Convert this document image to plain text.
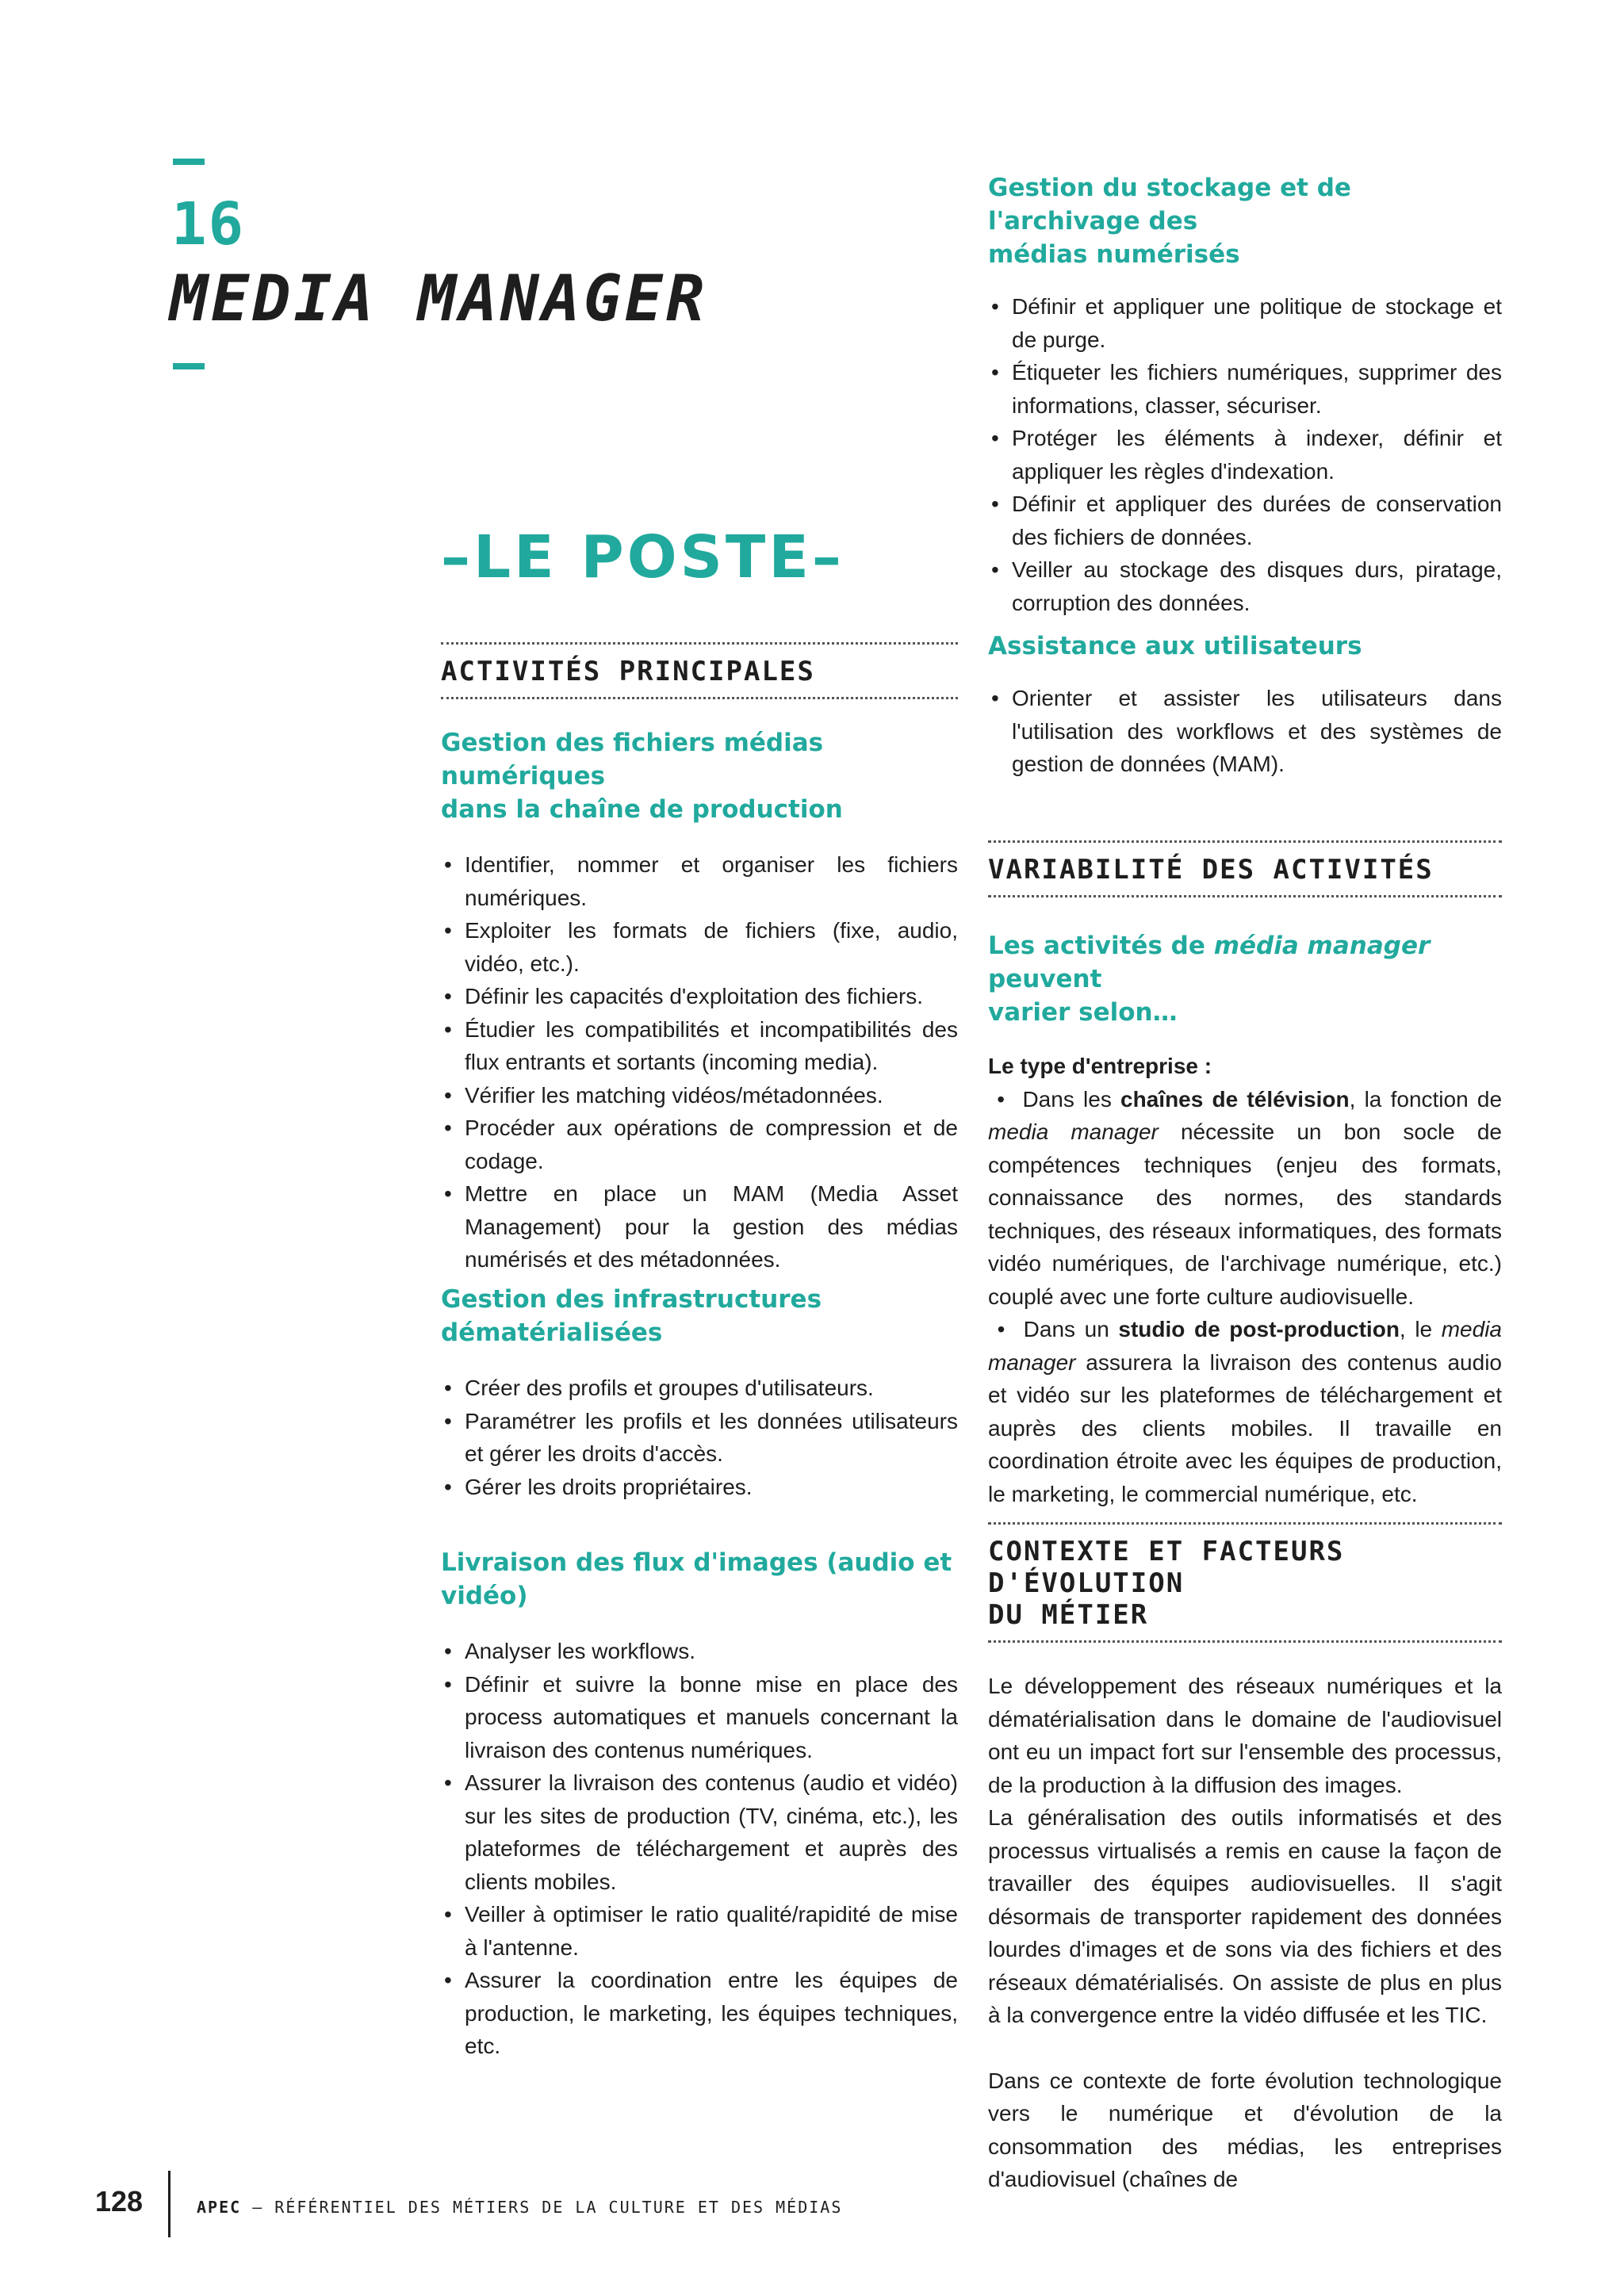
16
MEDIA MANAGER
–LE POSTE–
ACTIVITÉS PRINCIPALES
Gestion des fichiers médias numériques
dans la chaîne de production
• Identifier, nommer et organiser les fichiers numériques.
• Exploiter les formats de fichiers (fixe, audio, vidéo, etc.).
• Définir les capacités d'exploitation des fichiers.
• Étudier les compatibilités et incompatibilités des flux entrants et sortants (incoming media).
• Vérifier les matching vidéos/métadonnées.
• Procéder aux opérations de compression et de codage.
• Mettre en place un MAM (Media Asset Management) pour la gestion des médias numérisés et des métadonnées.
Gestion des infrastructures
dématérialisées
• Créer des profils et groupes d'utilisateurs.
• Paramétrer les profils et les données utilisateurs et gérer les droits d'accès.
• Gérer les droits propriétaires.
Livraison des flux d'images (audio et
vidéo)
• Analyser les workflows.
• Définir et suivre la bonne mise en place des process automatiques et manuels concernant la livraison des contenus numériques.
• Assurer la livraison des contenus (audio et vidéo) sur les sites de production (TV, cinéma, etc.), les plateformes de téléchargement et auprès des clients mobiles.
• Veiller à optimiser le ratio qualité/rapidité de mise à l'antenne.
• Assurer la coordination entre les équipes de production, le marketing, les équipes techniques, etc.
Gestion du stockage et de l'archivage des
médias numérisés
• Définir et appliquer une politique de stockage et de purge.
• Étiqueter les fichiers numériques, supprimer des informations, classer, sécuriser.
• Protéger les éléments à indexer, définir et appliquer les règles d'indexation.
• Définir et appliquer des durées de conservation des fichiers de données.
• Veiller au stockage des disques durs, piratage, corruption des données.
Assistance aux utilisateurs
• Orienter et assister les utilisateurs dans l'utilisation des workflows et des systèmes de gestion de données (MAM).
VARIABILITÉ DES ACTIVITÉS
Les activités de média manager peuvent
varier selon…

Le type d'entreprise :

•  Dans les chaînes de télévision, la fonction de media manager nécessite un bon socle de compétences techniques (enjeu des formats, connaissance des normes, des standards techniques, des réseaux informatiques, des formats vidéo numériques, de l'archivage numérique, etc.) couplé avec une forte culture audiovisuelle.

•  Dans un studio de post-production, le media manager assurera la livraison des contenus audio et vidéo sur les plateformes de téléchargement et auprès des clients mobiles. Il travaille en coordination étroite avec les équipes de production, le marketing, le commercial numérique, etc.

CONTEXTE ET FACTEURS D'ÉVOLUTION
DU MÉTIER

Le développement des réseaux numériques et la dématérialisation dans le domaine de l'audiovisuel ont eu un impact fort sur l'ensemble des processus, de la production à la diffusion des images.

La généralisation des outils informatisés et des processus virtualisés a remis en cause la façon de travailler des équipes audiovisuelles. Il s'agit désormais de transporter rapidement des données lourdes d'images et de sons via des fichiers et des réseaux dématérialisés. On assiste de plus en plus à la convergence entre la vidéo diffusée et les TIC.

Dans ce contexte de forte évolution technologique vers le numérique et d'évolution de la consommation des médias, les entreprises d'audiovisuel (chaînes de

128	APEC – RÉFÉRENTIEL DES MÉTIERS DE LA CULTURE ET DES MÉDIAS
